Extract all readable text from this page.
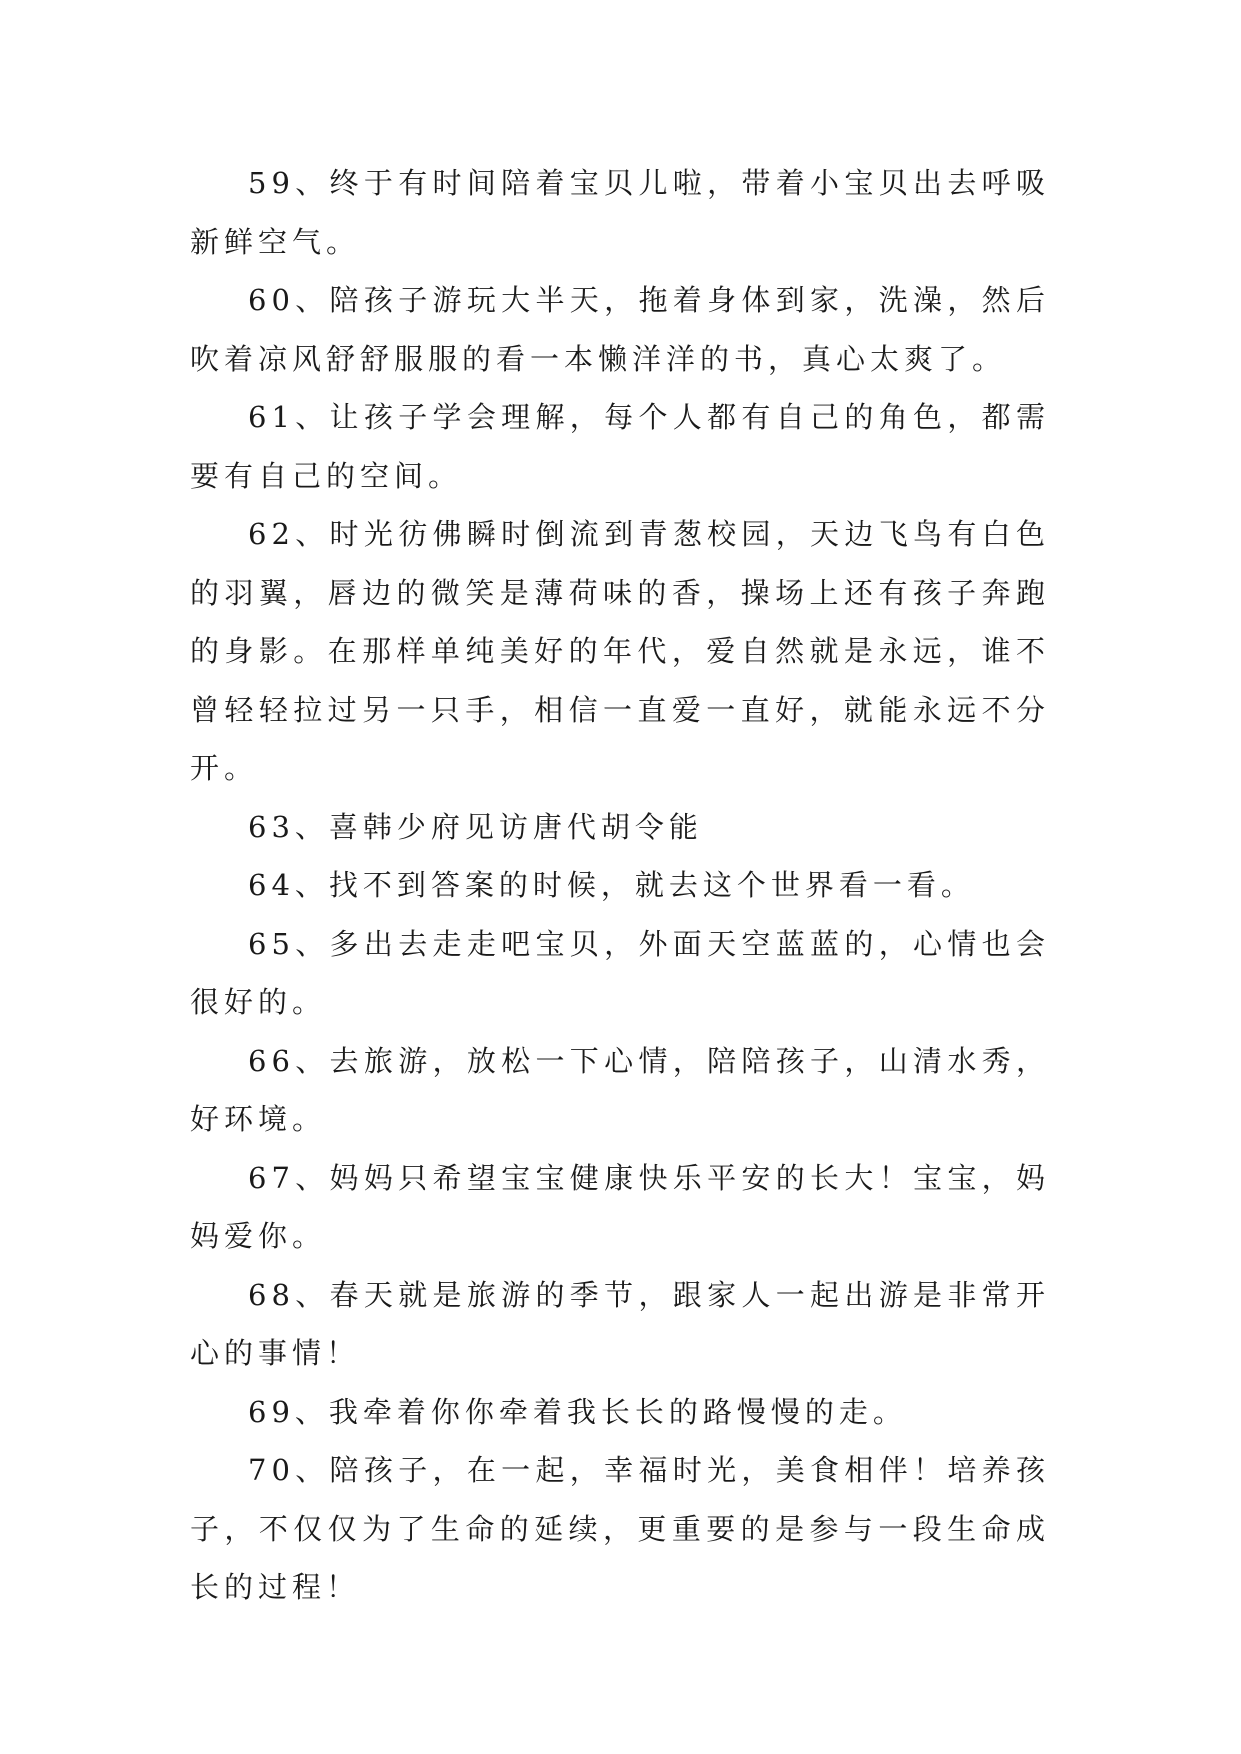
59、终于有时间陪着宝贝儿啦，带着小宝贝出去呼吸新鲜空气。

60、陪孩子游玩大半天，拖着身体到家，洗澡，然后吹着凉风舒舒服服的看一本懒洋洋的书，真心太爽了。

61、让孩子学会理解，每个人都有自己的角色，都需要有自己的空间。

62、时光彷佛瞬时倒流到青葱校园，天边飞鸟有白色的羽翼，唇边的微笑是薄荷味的香，操场上还有孩子奔跑的身影。在那样单纯美好的年代，爱自然就是永远，谁不曾轻轻拉过另一只手，相信一直爱一直好，就能永远不分开。

63、喜韩少府见访唐代胡令能

64、找不到答案的时候，就去这个世界看一看。

65、多出去走走吧宝贝，外面天空蓝蓝的，心情也会很好的。

66、去旅游，放松一下心情，陪陪孩子，山清水秀，好环境。

67、妈妈只希望宝宝健康快乐平安的长大！宝宝，妈妈爱你。

68、春天就是旅游的季节，跟家人一起出游是非常开心的事情！

69、我牵着你你牵着我长长的路慢慢的走。

70、陪孩子，在一起，幸福时光，美食相伴！培养孩子，不仅仅为了生命的延续，更重要的是参与一段生命成长的过程！
